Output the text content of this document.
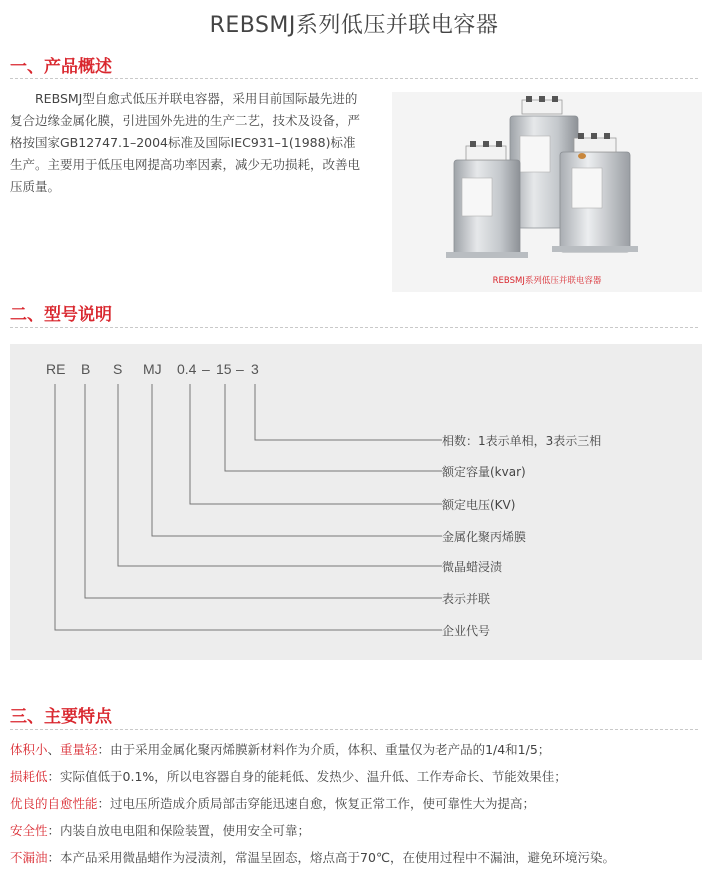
REBSMJ系列低压并联电容器
一、产品概述
REBSMJ型自愈式低压并联电容器，采用目前国际最先进的复合边缘金属化膜，引进国外先进的生产二艺，技术及设备，严格按国家GB12747.1–2004标准及国际IEC931–1(1988)标准生产。主要用于低压电网提高功率因素，减少无功损耗，改善电压质量。
REBSMJ系列低压并联电容器
二、型号说明
RE B S MJ 0.4 – 15 – 3
相数：1表示单相，3表示三相
额定容量(kvar)
额定电压(KV)
金属化聚丙烯膜
微晶蜡浸渍
表示并联
企业代号
三、主要特点
体积小、重量轻：由于采用金属化聚丙烯膜新材料作为介质，体积、重量仅为老产品的1/4和1/5；
损耗低：实际值低于0.1%，所以电容器自身的能耗低、发热少、温升低、工作寿命长、节能效果佳；
优良的自愈性能：过电压所造成介质局部击穿能迅速自愈，恢复正常工作，使可靠性大为提高；
安全性：内装自放电电阻和保险装置，使用安全可靠；
不漏油：本产品采用微晶蜡作为浸渍剂，常温呈固态，熔点高于70℃，在使用过程中不漏油，避免环境污染。
